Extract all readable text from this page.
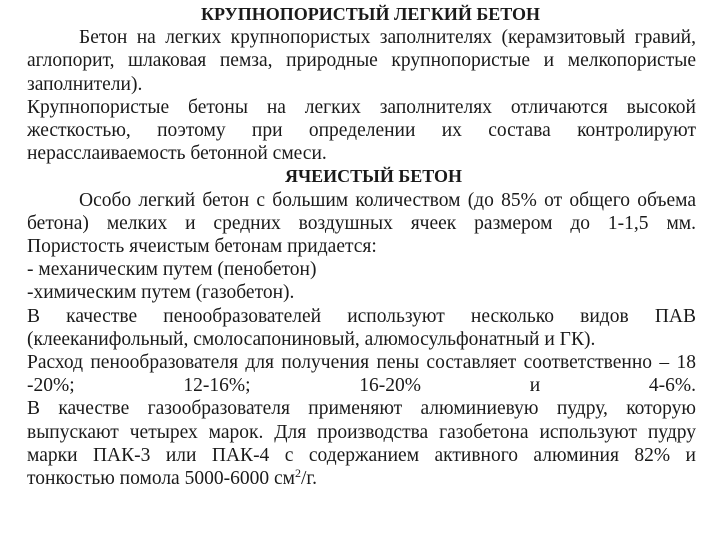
КРУПНОПОРИСТЫЙ ЛЕГКИЙ БЕТОН
Бетон на легких крупнопористых заполнителях (керамзитовый гравий,
аглопорит, шлаковая пемза, природные крупнопористые и мелкопористые
заполнители).
Крупнопористые бетоны на легких заполнителях отличаются высокой
жесткостью, поэтому при определении их состава контролируют
нерасслаиваемость бетонной смеси.
ЯЧЕИСТЫЙ БЕТОН
Особо легкий бетон с большим количеством (до 85% от общего объема
бетона) мелких и средних воздушных ячеек размером до 1-1,5 мм.
Пористость ячеистым бетонам придается:
- механическим путем (пенобетон)
-химическим путем (газобетон).
В качестве пенообразователей используют несколько видов ПАВ
(клееканифольный, смолосапониновый, алюмосульфонатный и ГК).
Расход пенообразователя для получения пены составляет соответственно – 18
-20%;	12-16%;	16-20%	и	4-6%.
В качестве газообразователя применяют алюминиевую пудру, которую
выпускают четырех марок. Для производства газобетона используют пудру
марки ПАК-3 или ПАК-4 с содержанием активного алюминия 82% и
тонкостью помола 5000-6000 $см^2/г$.
